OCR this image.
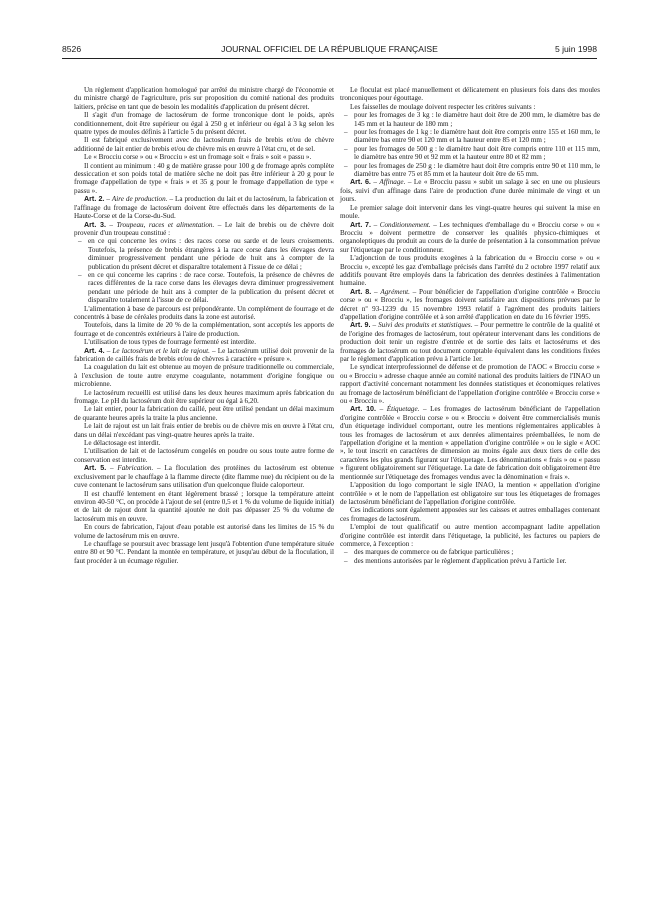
8526	JOURNAL OFFICIEL DE LA RÉPUBLIQUE FRANÇAISE	5 juin 1998

Un règlement d'application homologué par arrêté du ministre chargé de l'économie et du ministre chargé de l'agriculture, pris sur proposition du comité national des produits laitiers, précise en tant que de besoin les modalités d'application du présent décret.

Il s'agit d'un fromage de lactosérum de forme tronconique dont le poids, après conditionnement, doit être supérieur ou égal à 250 g et inférieur ou égal à 3 kg selon les quatre types de moules définis à l'article 5 du présent décret.

Il est fabriqué exclusivement avec du lactosérum frais de brebis et/ou de chèvre additionné de lait entier de brebis et/ou de chèvre mis en œuvre à l'état cru, et de sel.

Le « Brocciu corse » ou « Brocciu » est un fromage soit « frais » soit « passu ».

Il contient au minimum : 40 g de matière grasse pour 100 g de fromage après complète dessiccation et son poids total de matière sèche ne doit pas être inférieur à 20 g pour le fromage d'appellation de type « frais » et 35 g pour le fromage d'appellation de type « passu ».

Art. 2. – Aire de production. – La production du lait et du lactosérum, la fabrication et l'affinage du fromage de lactosérum doivent être effectués dans les départements de la Haute-Corse et de la Corse-du-Sud.

Art. 3. – Troupeau, races et alimentation. – Le lait de brebis ou de chèvre doit provenir d'un troupeau constitué :

– en ce qui concerne les ovins : des races corse ou sarde et de leurs croisements. Toutefois, la présence de brebis étrangères à la race corse dans les élevages devra diminuer progressivement pendant une période de huit ans à compter de la publication du présent décret et disparaître totalement à l'issue de ce délai ;
– en ce qui concerne les caprins : de race corse. Toutefois, la présence de chèvres de races différentes de la race corse dans les élevages devra diminuer progressivement pendant une période de huit ans à compter de la publication du présent décret et disparaître totalement à l'issue de ce délai.

L'alimentation à base de parcours est prépondérante. Un complément de fourrage et de concentrés à base de céréales produits dans la zone est autorisé.

Toutefois, dans la limite de 20 % de la complémentation, sont acceptés les apports de fourrage et de concentrés extérieurs à l'aire de production.

L'utilisation de tous types de fourrage fermenté est interdite.

Art. 4. – Le lactosérum et le lait de rajout. – Le lactosérum utilisé doit provenir de la fabrication de caillés frais de brebis et/ou de chèvres à caractère « présure ».

La coagulation du lait est obtenue au moyen de présure traditionnelle ou commerciale, à l'exclusion de toute autre enzyme coagulante, notamment d'origine fongique ou microbienne.

Le lactosérum recueilli est utilisé dans les deux heures maximum après fabrication du fromage. Le pH du lactosérum doit être supérieur ou égal à 6,20.

Le lait entier, pour la fabrication du caillé, peut être utilisé pendant un délai maximum de quarante heures après la traite la plus ancienne.

Le lait de rajout est un lait frais entier de brebis ou de chèvre mis en œuvre à l'état cru, dans un délai n'excédant pas vingt-quatre heures après la traite.

Le délactosage est interdit.

L'utilisation de lait et de lactosérum congelés en poudre ou sous toute autre forme de conservation est interdite.

Art. 5. – Fabrication. – La floculation des protéines du lactosérum est obtenue exclusivement par le chauffage à la flamme directe (dite flamme nue) du récipient ou de la cuve contenant le lactosérum sans utilisation d'un quelconque fluide caloporteur.

Il est chauffé lentement en étant légèrement brassé ; lorsque la température atteint environ 40-50 °C, on procède à l'ajout de sel (entre 0,5 et 1 % du volume de liquide initial) et de lait de rajout dont la quantité ajoutée ne doit pas dépasser 25 % du volume de lactosérum mis en œuvre.

En cours de fabrication, l'ajout d'eau potable est autorisé dans les limites de 15 % du volume de lactosérum mis en œuvre.

Le chauffage se poursuit avec brassage lent jusqu'à l'obtention d'une température située entre 80 et 90 °C. Pendant la montée en température, et jusqu'au début de la floculation, il faut procéder à un écumage régulier.

Le floculat est placé manuellement et délicatement en plusieurs fois dans des moules tronconiques pour égouttage.

Les faisselles de moulage doivent respecter les critères suivants :

– pour les fromages de 3 kg : le diamètre haut doit être de 200 mm, le diamètre bas de 145 mm et la hauteur de 180 mm ;
– pour les fromages de 1 kg : le diamètre haut doit être compris entre 155 et 160 mm, le diamètre bas entre 90 et 120 mm et la hauteur entre 85 et 120 mm ;
– pour les fromages de 500 g : le diamètre haut doit être compris entre 110 et 115 mm, le diamètre bas entre 90 et 92 mm et la hauteur entre 80 et 82 mm ;
– pour les fromages de 250 g : le diamètre haut doit être compris entre 90 et 110 mm, le diamètre bas entre 75 et 85 mm et la hauteur doit être de 65 mm.

Art. 6. – Affinage. – Le « Brocciu passu » subit un salage à sec en une ou plusieurs fois, suivi d'un affinage dans l'aire de production d'une durée minimale de vingt et un jours.

Le premier salage doit intervenir dans les vingt-quatre heures qui suivent la mise en moule.

Art. 7. – Conditionnement. – Les techniques d'emballage du « Brocciu corse » ou « Brocciu » doivent permettre de conserver les qualités physico-chimiques et organoleptiques du produit au cours de la durée de présentation à la consommation prévue sur l'étiquetage par le conditionneur.

L'adjonction de tous produits exogènes à la fabrication du « Brocciu corse » ou « Brocciu », excepté les gaz d'emballage précisés dans l'arrêté du 2 octobre 1997 relatif aux additifs pouvant être employés dans la fabrication des denrées destinées à l'alimentation humaine.

Art. 8. – Agrément. – Pour bénéficier de l'appellation d'origine contrôlée « Brocciu corse » ou « Brocciu », les fromages doivent satisfaire aux dispositions prévues par le décret nº 93-1239 du 15 novembre 1993 relatif à l'agrément des produits laitiers d'appellation d'origine contrôlée et à son arrêté d'application en date du 16 février 1995.

Art. 9. – Suivi des produits et statistiques. – Pour permettre le contrôle de la qualité et de l'origine des fromages de lactosérum, tout opérateur intervenant dans les conditions de production doit tenir un registre d'entrée et de sortie des laits et lactosérums et des fromages de lactosérum ou tout document comptable équivalent dans les conditions fixées par le règlement d'application prévu à l'article 1er.

Le syndicat interprofessionnel de défense et de promotion de l'AOC « Brocciu corse » ou « Brocciu » adresse chaque année au comité national des produits laitiers de l'INAO un rapport d'activité concernant notamment les données statistiques et économiques relatives au fromage de lactosérum bénéficiant de l'appellation d'origine contrôlée « Brocciu corse » ou « Brocciu ».

Art. 10. – Étiquetage. – Les fromages de lactosérum bénéficiant de l'appellation d'origine contrôlée « Brocciu corse » ou « Brocciu » doivent être commercialisés munis d'un étiquetage individuel comportant, outre les mentions réglementaires applicables à tous les fromages de lactosérum et aux denrées alimentaires préemballées, le nom de l'appellation d'origine et la mention « appellation d'origine contrôlée » ou le sigle « AOC », le tout inscrit en caractères de dimension au moins égale aux deux tiers de celle des caractères les plus grands figurant sur l'étiquetage. Les dénominations « frais » ou « passu » figurent obligatoirement sur l'étiquetage. La date de fabrication doit obligatoirement être mentionnée sur l'étiquetage des fromages vendus avec la dénomination « frais ».

L'apposition du logo comportant le sigle INAO, la mention « appellation d'origine contrôlée » et le nom de l'appellation est obligatoire sur tous les étiquetages de fromages de lactosérum bénéficiant de l'appellation d'origine contrôlée.

Ces indications sont également apposées sur les caisses et autres emballages contenant ces fromages de lactosérum.

L'emploi de tout qualificatif ou autre mention accompagnant ladite appellation d'origine contrôlée est interdit dans l'étiquetage, la publicité, les factures ou papiers de commerce, à l'exception :

– des marques de commerce ou de fabrique particulières ;
– des mentions autorisées par le règlement d'application prévu à l'article 1er.
